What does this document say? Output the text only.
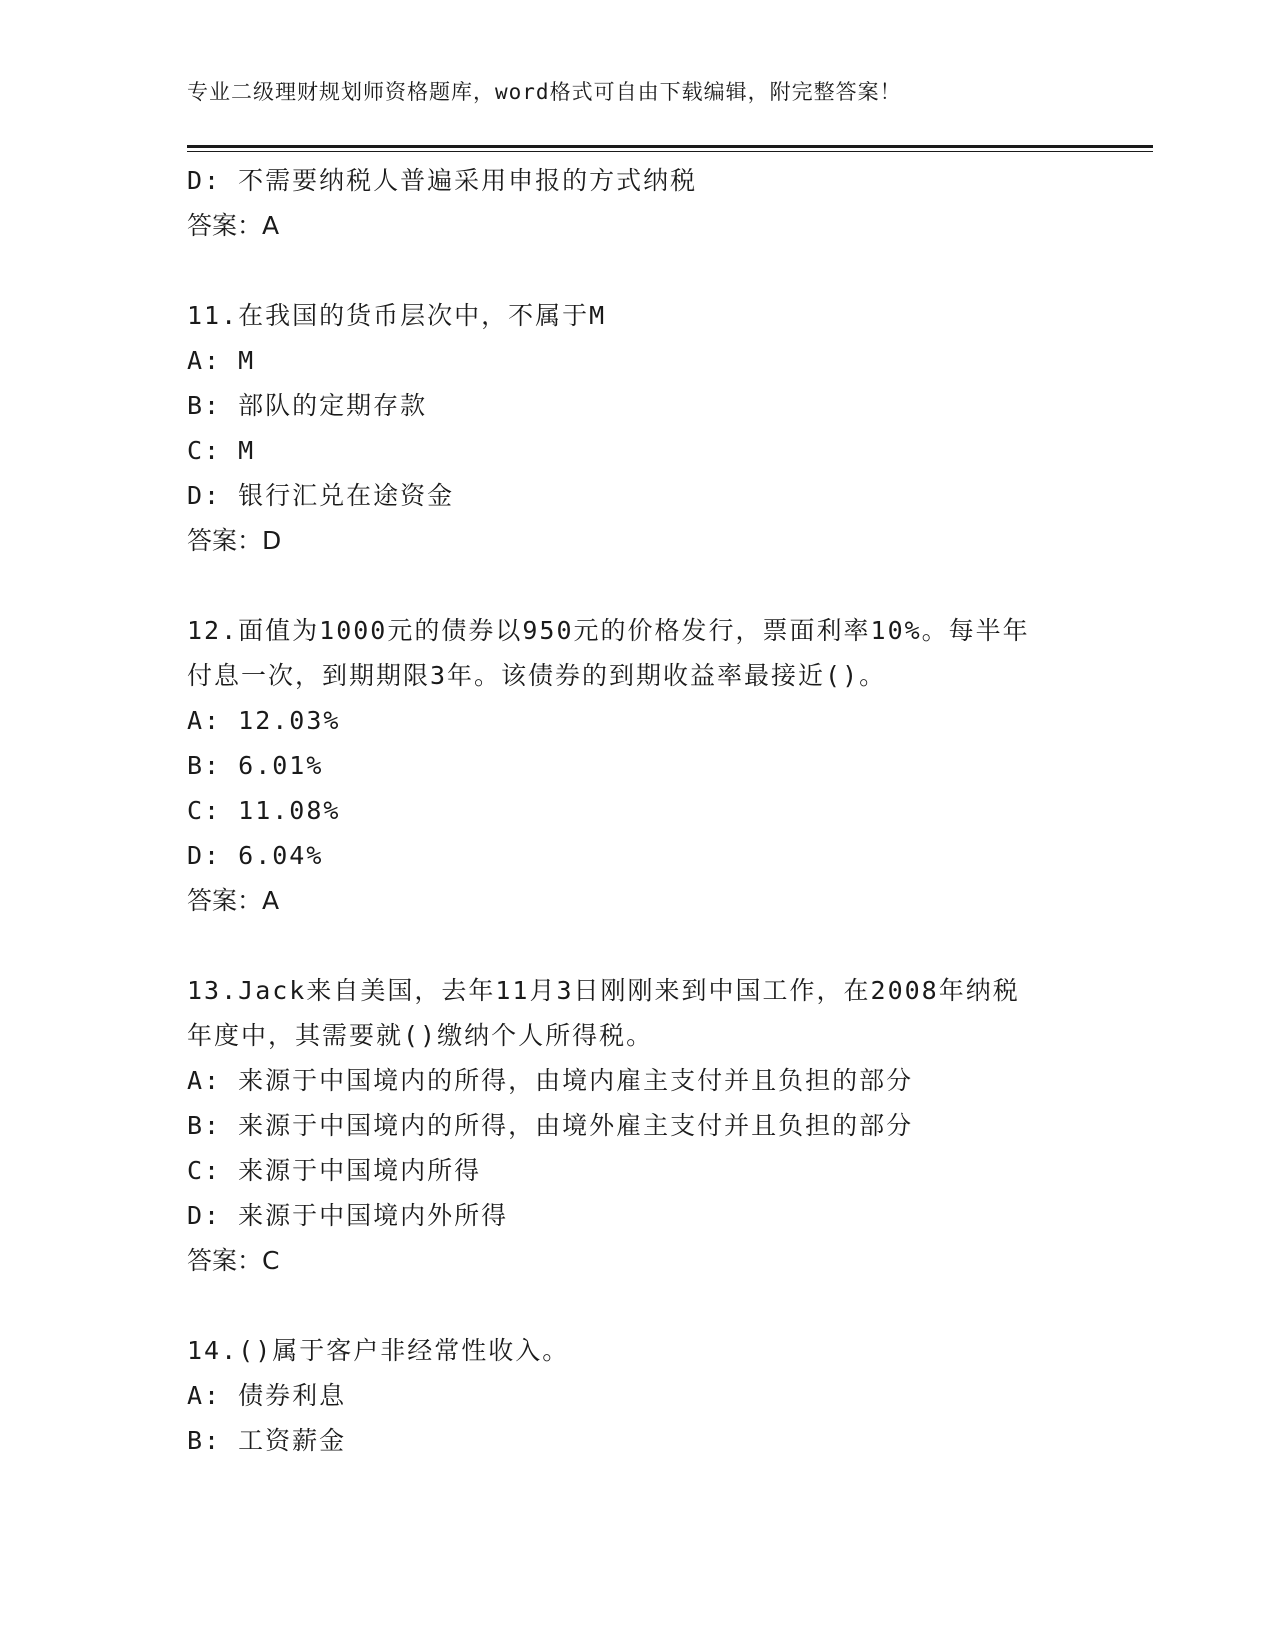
专业二级理财规划师资格题库，word格式可自由下载编辑，附完整答案！
D: 不需要纳税人普遍采用申报的方式纳税
答案：A
11.在我国的货币层次中，不属于M
A: M
B: 部队的定期存款
C: M
D: 银行汇兑在途资金
答案：D
12.面值为1000元的债券以950元的价格发行，票面利率10%。每半年
付息一次，到期期限3年。该债券的到期收益率最接近()。
A: 12.03%
B: 6.01%
C: 11.08%
D: 6.04%
答案：A
13.Jack来自美国，去年11月3日刚刚来到中国工作，在2008年纳税
年度中，其需要就()缴纳个人所得税。
A: 来源于中国境内的所得，由境内雇主支付并且负担的部分
B: 来源于中国境内的所得，由境外雇主支付并且负担的部分
C: 来源于中国境内所得
D: 来源于中国境内外所得
答案：C
14.()属于客户非经常性收入。
A: 债券利息
B: 工资薪金
